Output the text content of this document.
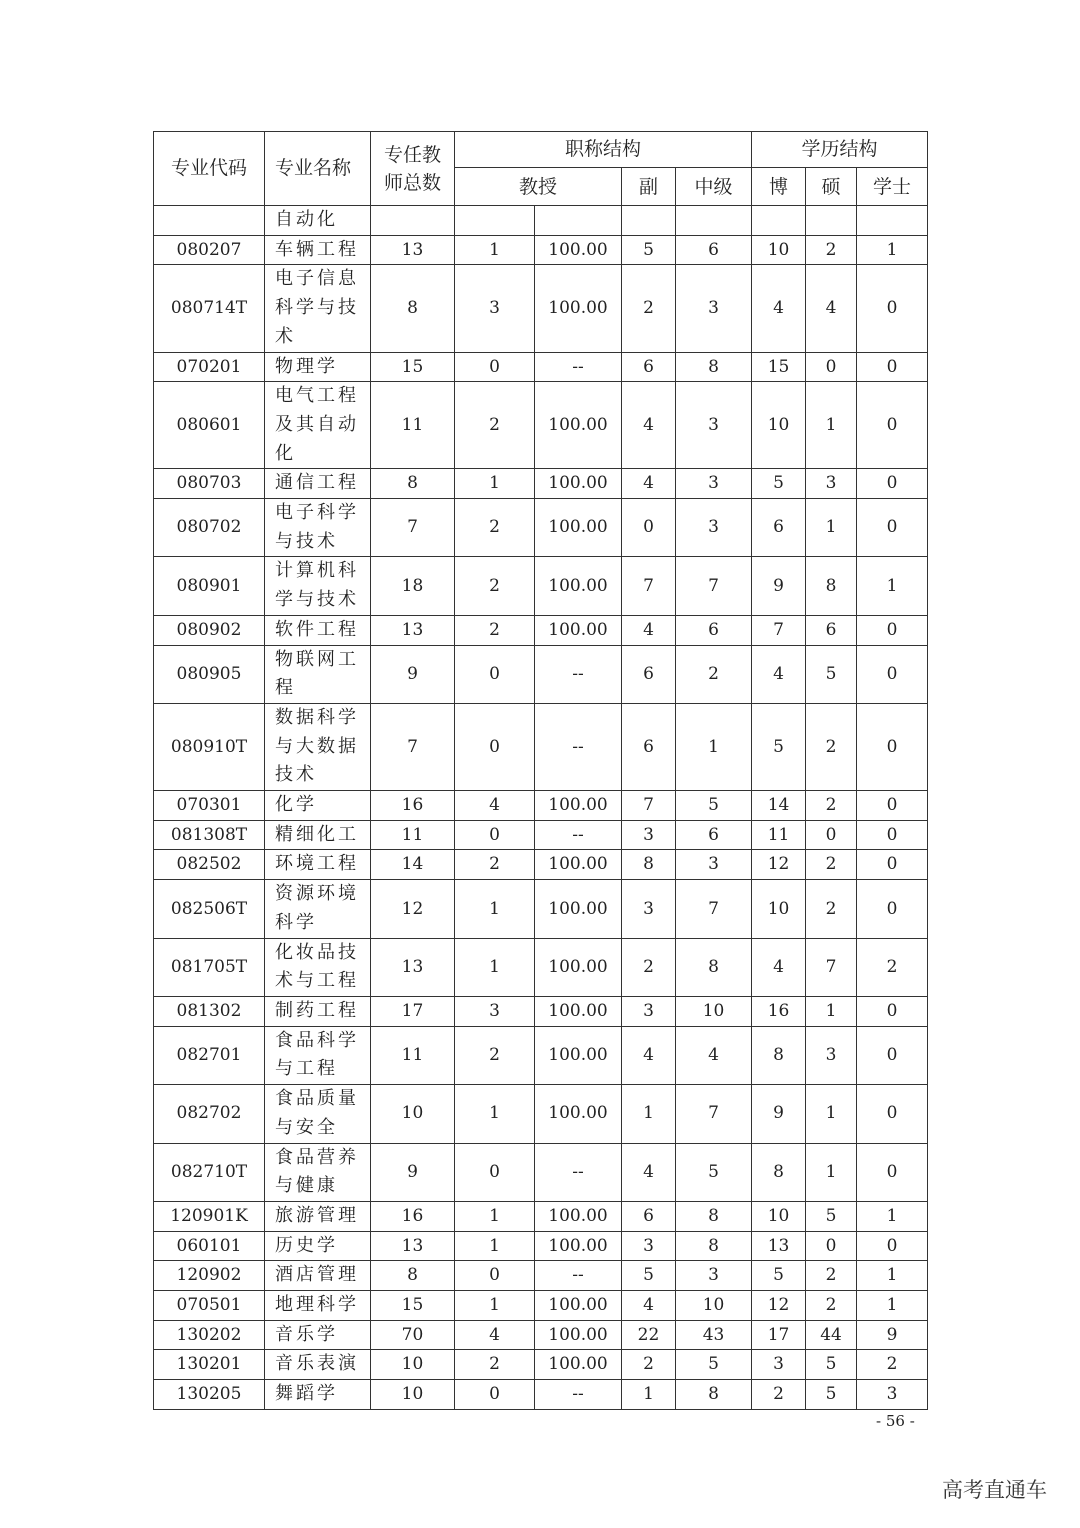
专业代码	专业名称	专任教师总数	职称结构				学历结构		

			教授		副	中级	博	硕	学士

	自动化								
080207	车辆工程	13	1	100.00	5	6	10	2	1
080714T	电子信息科学与技术	8	3	100.00	2	3	4	4	0
070201	物理学	15	0	--	6	8	15	0	0
080601	电气工程及其自动化	11	2	100.00	4	3	10	1	0
080703	通信工程	8	1	100.00	4	3	5	3	0
080702	电子科学与技术	7	2	100.00	0	3	6	1	0
080901	计算机科学与技术	18	2	100.00	7	7	9	8	1
080902	软件工程	13	2	100.00	4	6	7	6	0
080905	物联网工程	9	0	--	6	2	4	5	0
080910T	数据科学与大数据技术	7	0	--	6	1	5	2	0
070301	化学	16	4	100.00	7	5	14	2	0
081308T	精细化工	11	0	--	3	6	11	0	0
082502	环境工程	14	2	100.00	8	3	12	2	0
082506T	资源环境科学	12	1	100.00	3	7	10	2	0
081705T	化妆品技术与工程	13	1	100.00	2	8	4	7	2
081302	制药工程	17	3	100.00	3	10	16	1	0
082701	食品科学与工程	11	2	100.00	4	4	8	3	0
082702	食品质量与安全	10	1	100.00	1	7	9	1	0
082710T	食品营养与健康	9	0	--	4	5	8	1	0
120901K	旅游管理	16	1	100.00	6	8	10	5	1
060101	历史学	13	1	100.00	3	8	13	0	0
120902	酒店管理	8	0	--	5	3	5	2	1
070501	地理科学	15	1	100.00	4	10	12	2	1
130202	音乐学	70	4	100.00	22	43	17	44	9
130201	音乐表演	10	2	100.00	2	5	3	5	2
130205	舞蹈学	10	0	--	1	8	2	5	3
- 56 -
高考直通车
